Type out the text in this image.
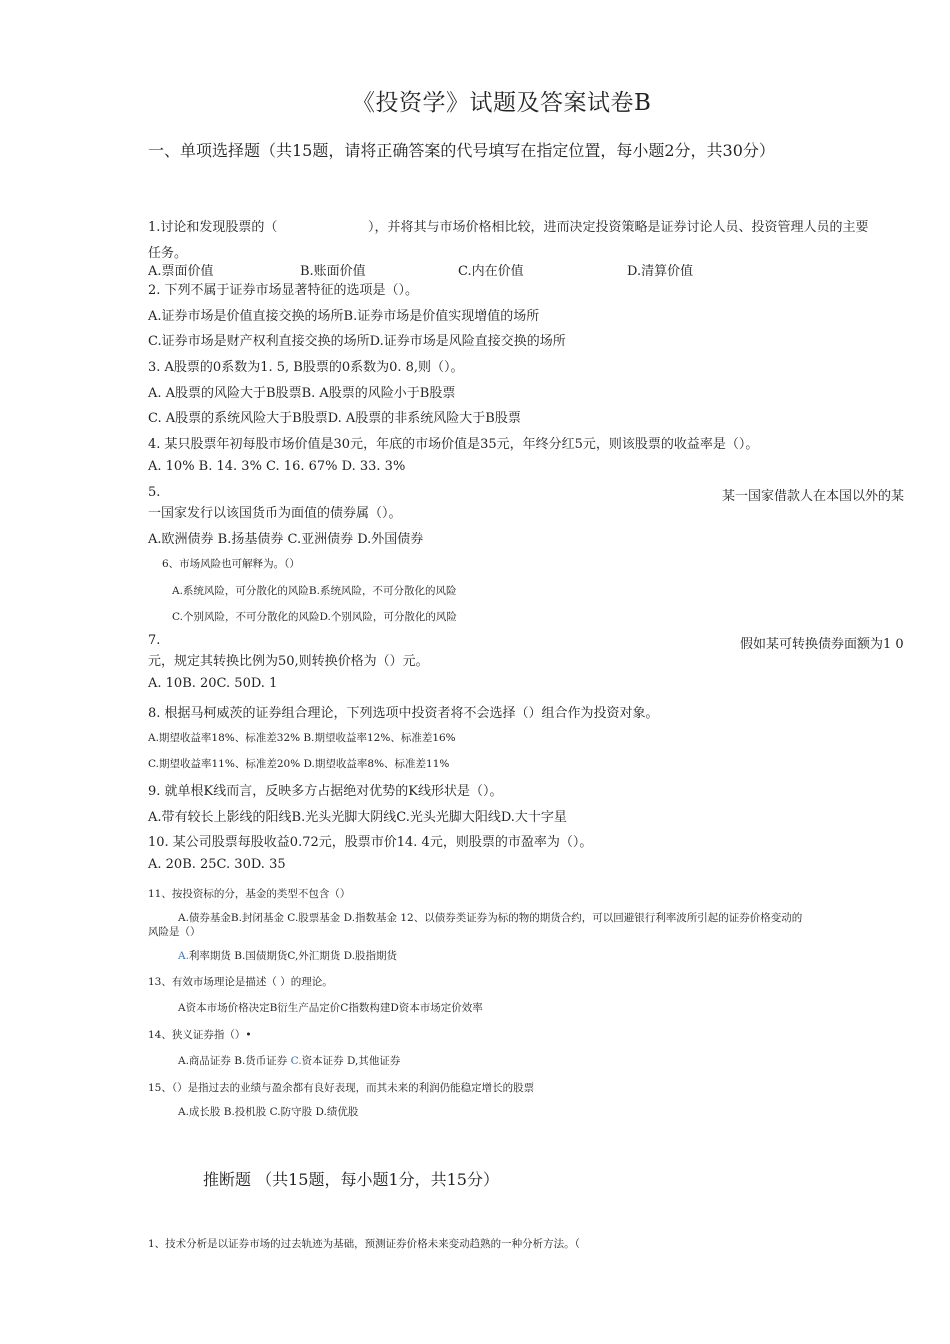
《投资学》试题及答案试卷B
一、单项选择题（共15题，请将正确答案的代号填写在指定位置，每小题2分，共30分）
1.讨论和发现股票的（	），并将其与市场价格相比较，进而决定投资策略是证券讨论人员、投资管理人员的主要
任务。
A.票面价值	B.账面价值	C.内在价值	D.清算价值
2. 下列不属于证券市场显著特征的选项是（）。
A.证券市场是价值直接交换的场所B.证券市场是价值实现增值的场所
C.证券市场是财产权利直接交换的场所D.证券市场是风险直接交换的场所
3. A股票的0系数为1. 5, B股票的0系数为0. 8,则（）。
A. A股票的风险大于B股票B. A股票的风险小于B股票
C. A股票的系统风险大于B股票D. A股票的非系统风险大于B股票
4. 某只股票年初每股市场价值是30元，年底的市场价值是35元，年终分红5元，则该股票的收益率是（）。
A. 10% B. 14. 3% C. 16. 67% D. 33. 3%
5.	某一国家借款人在本国以外的某
一国家发行以该国货币为面值的债券属（）。
A.欧洲债券 B.扬基债券 C.亚洲债券 D.外国债券
6、市场风险也可解释为。（）
A.系统风险，可分散化的风险B.系统风险，不可分散化的风险
C.个别风险，不可分散化的风险D.个别风险，可分散化的风险
7.	假如某可转换债券面额为1 0
元，规定其转换比例为50,则转换价格为（）元。
A. 10B. 20C. 50D. 1
8. 根据马柯威茨的证券组合理论，下列选项中投资者将不会选择（）组合作为投资对象。
A.期望收益率18%、标准差32% B.期望收益率12%、标准差16%
C.期望收益率11%、标准差20% D.期望收益率8%、标准差11%
9. 就单根K线而言，反映多方占据绝对优势的K线形状是（）。
A.带有较长上影线的阳线B.光头光脚大阴线C.光头光脚大阳线D.大十字星
10. 某公司股票每股收益0.72元，股票市价14. 4元，则股票的市盈率为（）。
A. 20B. 25C. 30D. 35
11、按投资标的分，基金的类型不包含（）
A.债券基金B.封闭基金 C.股票基金 D.指数基金 12、以债券类证券为标的物的期货合约，可以回避银行利率波所引起的证券价格变动的
风险是（）
A.利率期货 B.国债期货C,外汇期货 D.股指期货
13、有效市场理论是描述（ ）的理论。
A资本市场价格决定B衍生产品定价C指数构建D资本市场定价效率
14、狭义证券指（）•
A.商品证券 B.货币证券 C.资本证券 D,其他证券
15、（）是指过去的业绩与盈余都有良好表现，而其未来的利润仍能稳定增长的股票
A.成长股 B.投机股 C.防守股 D.绩优股
推断题 （共15题，每小题1分，共15分）
1、技术分析是以证券市场的过去轨迹为基础，预测证券价格未来变动趋熟的一种分析方法。（
